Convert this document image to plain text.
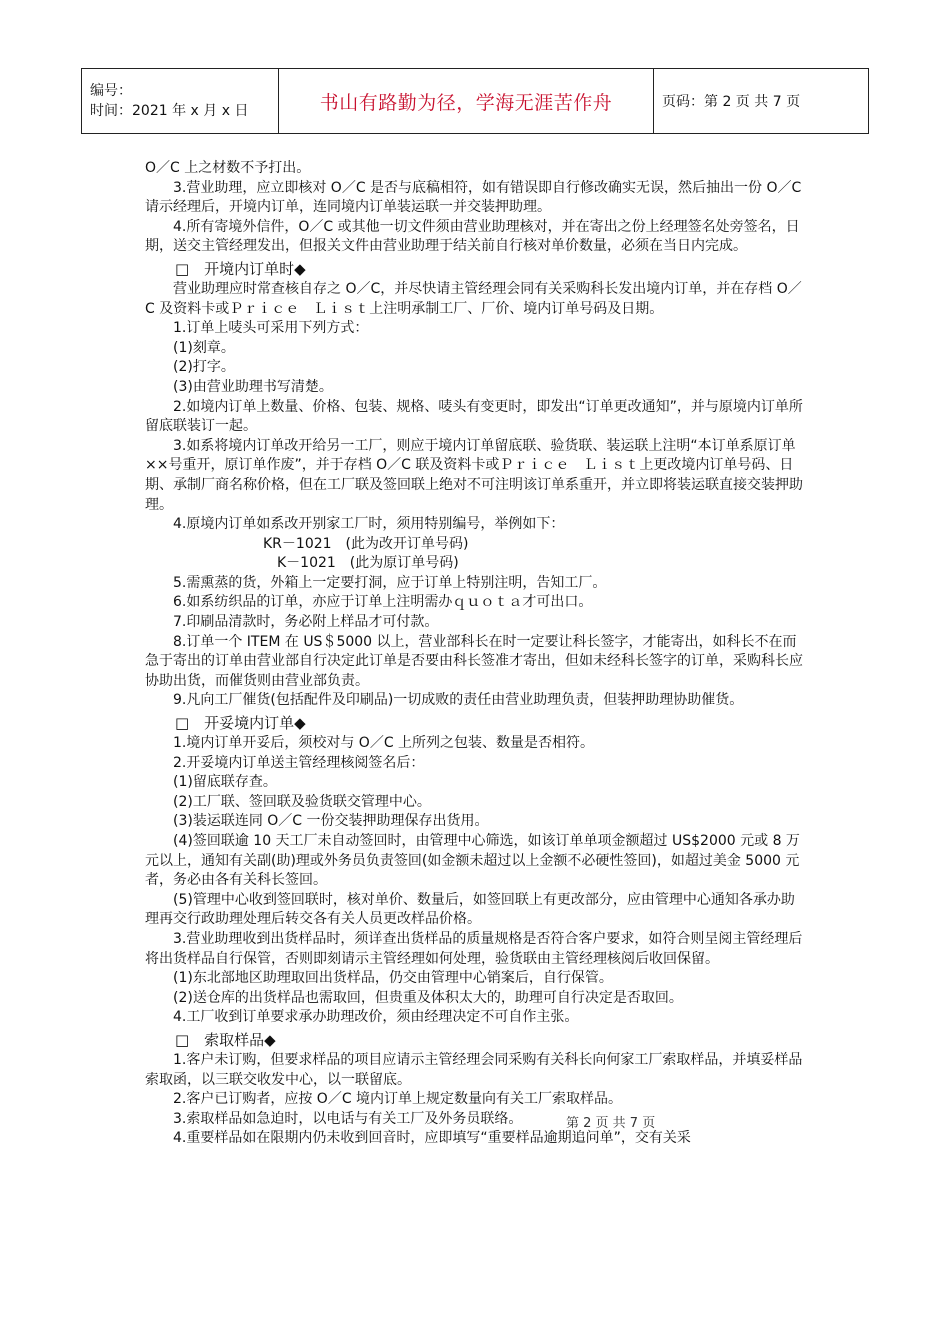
编号：
时间：2021 年 x 月 x 日	书山有路勤为径，学海无涯苦作舟	页码：第 2 页 共 7 页

O／C 上之材数不予打出。

3.营业助理，应立即核对 O／C 是否与底稿相符，如有错误即自行修改确实无误，然后抽出一份 O／C 请示经理后，开境内订单，连同境内订单装运联一并交装押助理。

4.所有寄境外信件，O／C 或其他一切文件须由营业助理核对，并在寄出之份上经理签名处旁签名，日期，送交主管经理发出，但报关文件由营业助理于结关前自行核对单价数量，必须在当日内完成。

□　开境内订单时◆

营业助理应时常查核自存之 O／C，并尽快请主管经理会同有关采购科长发出境内订单，并在存档 O／C 及资料卡或Ｐｒｉｃｅ　Ｌｉｓｔ上注明承制工厂、厂价、境内订单号码及日期。

1.订单上唛头可采用下列方式：

(1)刻章。

(2)打字。

(3)由营业助理书写清楚。

2.如境内订单上数量、价格、包装、规格、唛头有变更时，即发出“订单更改通知”，并与原境内订单所留底联装订一起。

3.如系将境内订单改开给另一工厂，则应于境内订单留底联、验货联、装运联上注明“本订单系原订单××号重开，原订单作废”，并于存档 O／C 联及资料卡或Ｐｒｉｃｅ　Ｌｉｓｔ上更改境内订单号码、日期、承制厂商名称价格，但在工厂联及签回联上绝对不可注明该订单系重开，并立即将装运联直接交装押助理。

4.原境内订单如系改开别家工厂时，须用特别编号，举例如下：

KR－1021　(此为改开订单号码)

　K－1021　(此为原订单号码)

5.需熏蒸的货，外箱上一定要打洞，应于订单上特别注明，告知工厂。

6.如系纺织品的订单，亦应于订单上注明需办ｑｕｏｔａ才可出口。

7.印刷品清款时，务必附上样品才可付款。

8.订单一个 ITEM 在 US＄5000 以上，营业部科长在时一定要让科长签字，才能寄出，如科长不在而急于寄出的订单由营业部自行决定此订单是否要由科长签准才寄出，但如未经科长签字的订单，采购科长应协助出货，而催货则由营业部负责。

9.凡向工厂催货(包括配件及印刷品)一切成败的责任由营业助理负责，但装押助理协助催货。

□　开妥境内订单◆

1.境内订单开妥后，须校对与 O／C 上所列之包装、数量是否相符。

2.开妥境内订单送主管经理核阅签名后：

(1)留底联存查。

(2)工厂联、签回联及验货联交管理中心。

(3)装运联连同 O／C 一份交装押助理保存出货用。

(4)签回联逾 10 天工厂未自动签回时，由管理中心筛选，如该订单单项金额超过 US$2000 元或 8 万元以上，通知有关副(助)理或外务员负责签回(如金额未超过以上金额不必硬性签回)，如超过美金 5000 元者，务必由各有关科长签回。

(5)管理中心收到签回联时，核对单价、数量后，如签回联上有更改部分，应由管理中心通知各承办助理再交行政助理处理后转交各有关人员更改样品价格。

3.营业助理收到出货样品时，须详查出货样品的质量规格是否符合客户要求，如符合则呈阅主管经理后将出货样品自行保管，否则即刻请示主管经理如何处理，验货联由主管经理核阅后收回保留。

(1)东北部地区助理取回出货样品，仍交由管理中心销案后，自行保管。

(2)送仓库的出货样品也需取回，但贵重及体积太大的，助理可自行决定是否取回。

4.工厂收到订单要求承办助理改价，须由经理决定不可自作主张。

□　索取样品◆

1.客户未订购，但要求样品的项目应请示主管经理会同采购有关科长向何家工厂索取样品，并填妥样品索取函，以三联交收发中心，以一联留底。

2.客户已订购者，应按 O／C 境内订单上规定数量向有关工厂索取样品。

3.索取样品如急迫时，以电话与有关工厂及外务员联络。

4.重要样品如在限期内仍未收到回音时，应即填写“重要样品逾期追问单”，交有关采

第 2 页 共 7 页
